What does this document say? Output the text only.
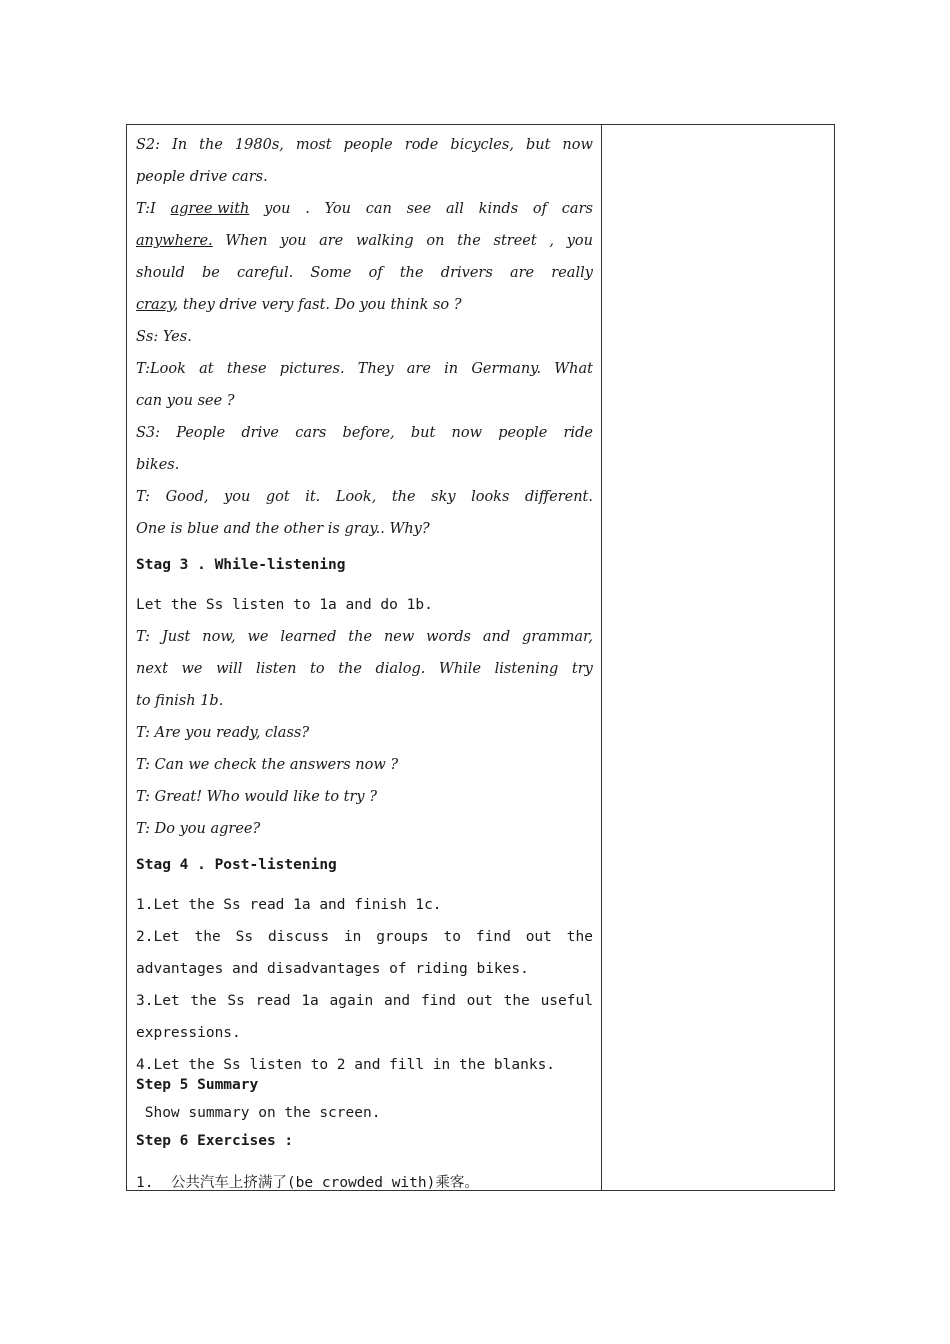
S2: In the 1980s, most people rode bicycles, but now
people drive cars.
T:I agree with you . You can see all kinds of cars
anywhere. When you are walking on the street , you
should be careful. Some of the drivers are really
crazy, they drive very fast. Do you think so ?
Ss: Yes.
T:Look at these pictures. They are in Germany. What
can you see ?
S3: People drive cars before, but now people ride
bikes.
T: Good, you got it. Look, the sky looks different.
One is blue and the other is gray.. Why?
Stag 3 . While-listening
Let the Ss listen to 1a and do 1b.
T: Just now, we learned the new words and grammar,
next we will listen to the dialog. While listening try
to finish 1b.
T: Are you ready, class?
T: Can we check the answers now ?
T: Great! Who would like to try ?
T: Do you agree?
Stag 4 . Post-listening
1.Let the Ss read 1a and finish 1c.
2.Let the Ss discuss in groups to find out the
advantages and disadvantages of riding bikes.
3.Let the Ss read 1a again and find out the useful
expressions.
4.Let the Ss listen to 2 and fill in the blanks.
Step 5 Summary
Show summary on the screen.
Step 6 Exercises :
1. 公共汽车上挤满了(be crowded with)乘客。
